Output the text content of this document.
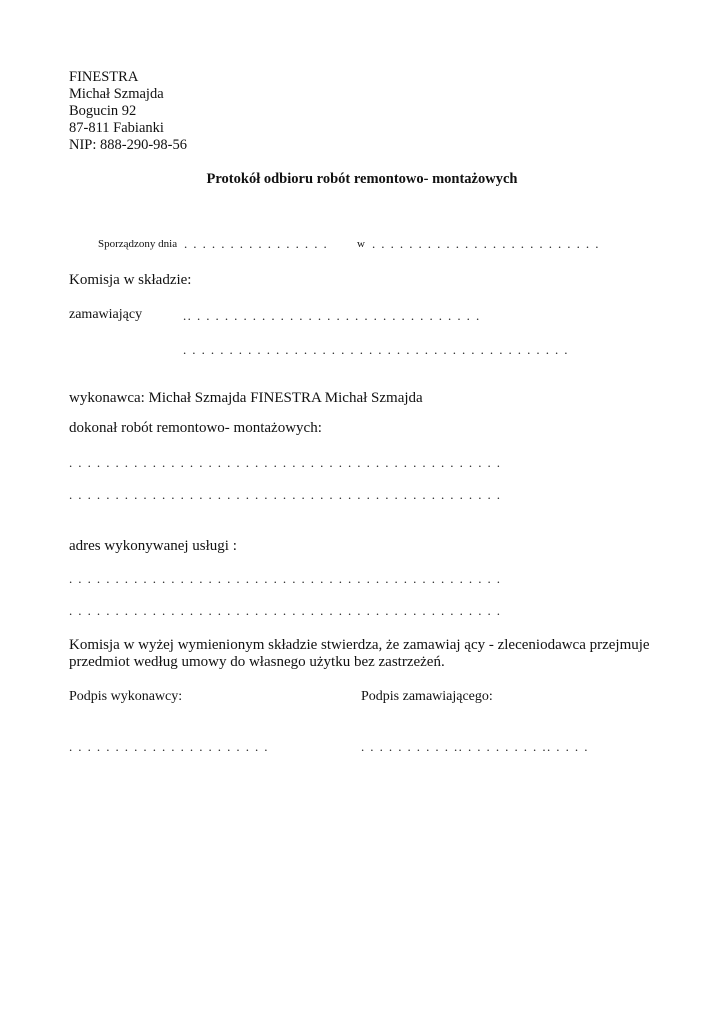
FINESTRA
Michał Szmajda
Bogucin 92
87-811 Fabianki
NIP: 888-290-98-56
Protokół odbioru robót remontowo- montażowych
Sporządzony dnia . . . . . . . . . . . . . . . .	w . . . . . . . . . . . . . . . . . . . . . . . . .
Komisja w składzie:
zamawiający	.. . . . . . . . . . . . . . . . . . . . . . . . . . . . . . . .
. . . . . . . . . . . . . . . . . . . . . . . . . . . . . . . . . . . . . . . . . .
wykonawca: Michał Szmajda FINESTRA Michał Szmajda
dokonał robót remontowo- montażowych:
. . . . . . . . . . . . . . . . . . . . . . . . . . . . . . . . . . . . . . . . . . . . . . .
. . . . . . . . . . . . . . . . . . . . . . . . . . . . . . . . . . . . . . . . . . . . . . .
adres wykonywanej usługi :
. . . . . . . . . . . . . . . . . . . . . . . . . . . . . . . . . . . . . . . . . . . . . . .
. . . . . . . . . . . . . . . . . . . . . . . . . . . . . . . . . . . . . . . . . . . . . . .
Komisja w wyżej wymienionym składzie stwierdza, że zamawiaj ący - zleceniodawca przejmuje
przedmiot według umowy do własnego użytku bez zastrzeżeń.
Podpis wykonawcy:	Podpis zamawiającego:
. . . . . . . . . . . . . . . . . . . . . .	. . . . . . . . . . .. . . . . . . . . .. . . . .
